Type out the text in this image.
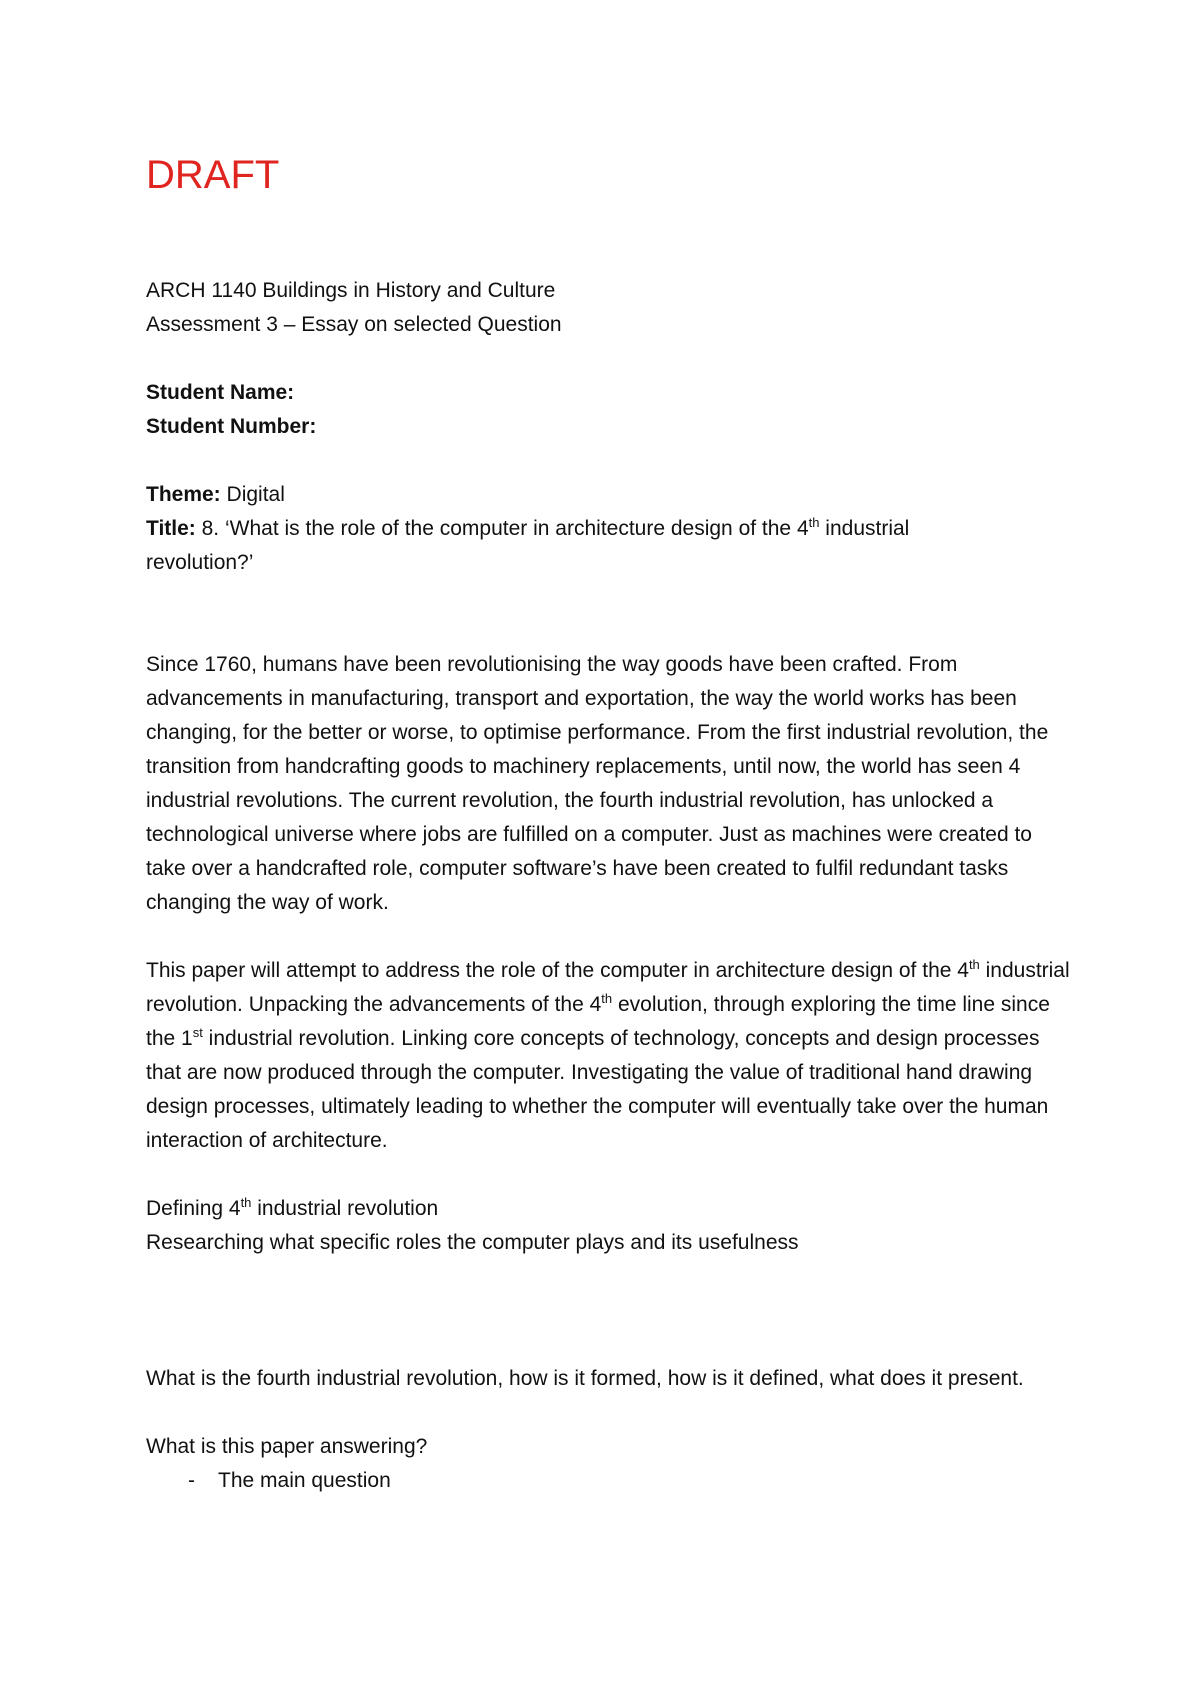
DRAFT

ARCH 1140 Buildings in History and Culture

Assessment 3 – Essay on selected Question

Student Name:

Student Number:

Theme: Digital

Title: 8. ‘What is the role of the computer in architecture design of the 4th industrial

revolution?’

Since 1760, humans have been revolutionising the way goods have been crafted. From advancements in manufacturing, transport and exportation, the way the world works has been changing, for the better or worse, to optimise performance. From the first industrial revolution, the transition from handcrafting goods to machinery replacements, until now, the world has seen 4 industrial revolutions. The current revolution, the fourth industrial revolution, has unlocked a technological universe where jobs are fulfilled on a computer. Just as machines were created to take over a handcrafted role, computer software’s have been created to fulfil redundant tasks changing the way of work.

This paper will attempt to address the role of the computer in architecture design of the 4th industrial revolution. Unpacking the advancements of the 4th evolution, through exploring the time line since the 1st industrial revolution. Linking core concepts of technology, concepts and design processes that are now produced through the computer. Investigating the value of traditional hand drawing design processes, ultimately leading to whether the computer will eventually take over the human interaction of architecture.

Defining 4th industrial revolution

Researching what specific roles the computer plays and its usefulness

What is the fourth industrial revolution, how is it formed, how is it defined, what does it present.

What is this paper answering?

-	The main question
